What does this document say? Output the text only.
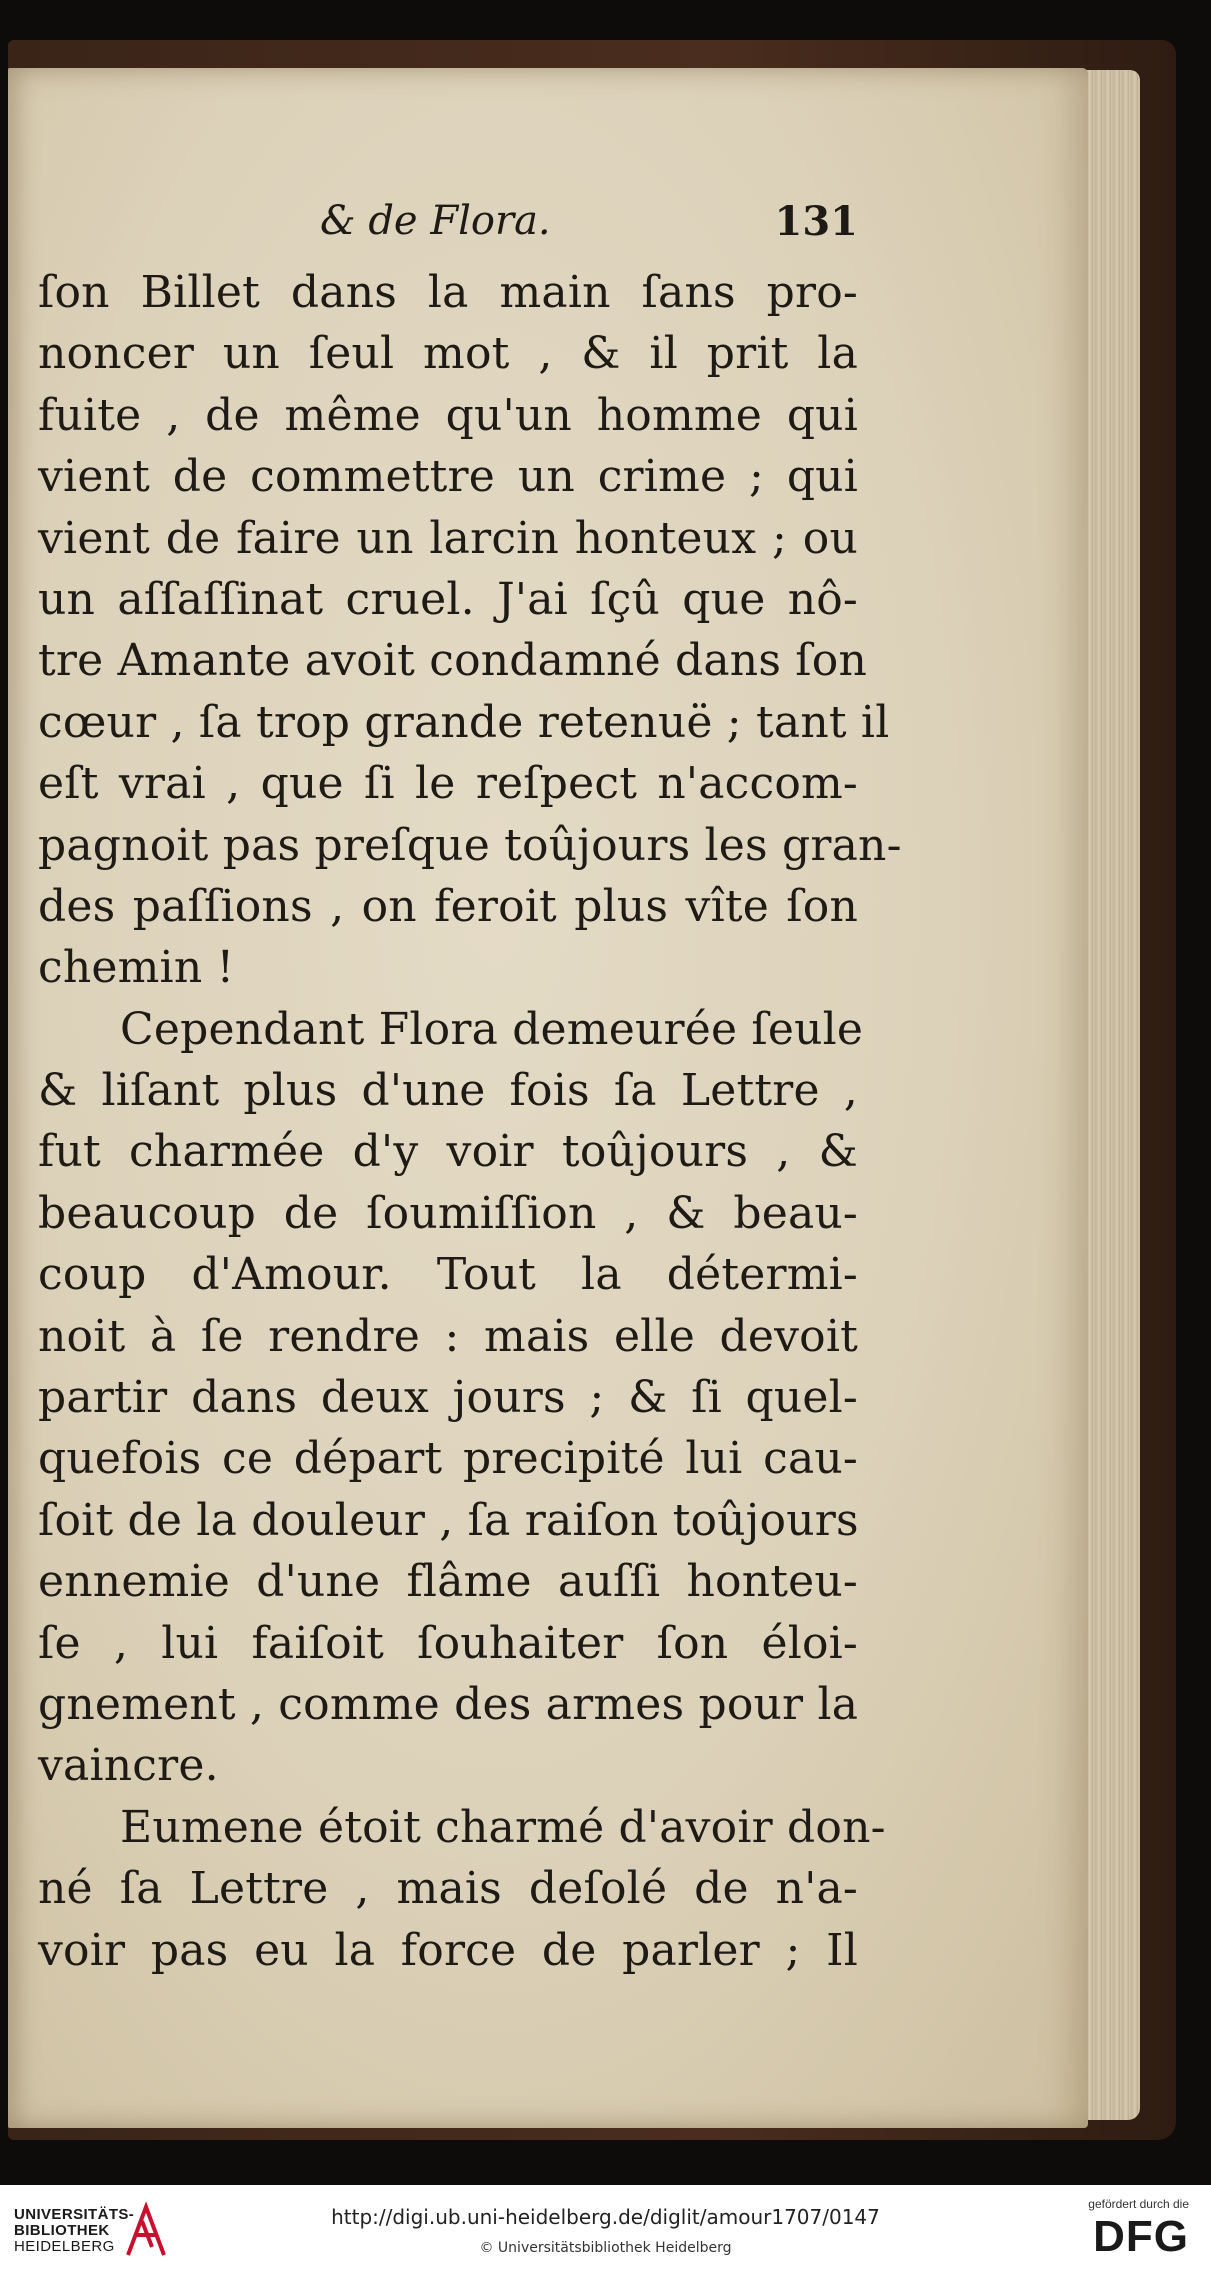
& de Flora.	131
ſon Billet dans la main ſans pro-
noncer un ſeul mot , & il prit la
fuite , de même qu'un homme qui
vient de commettre un crime ; qui
vient de faire un larcin honteux ; ou
un aſſaſſinat cruel. J'ai ſçû que nô-
tre Amante avoit condamné dans ſon
cœur , ſa trop grande retenuë ; tant il
eſt vrai , que ſi le reſpect n'accom-
pagnoit pas preſque toûjours les gran-
des paſſions , on feroit plus vîte ſon
chemin !
Cependant Flora demeurée ſeule
& liſant plus d'une fois ſa Lettre ,
fut charmée d'y voir toûjours , &
beaucoup de ſoumiſſion , & beau-
coup d'Amour. Tout la détermi-
noit à ſe rendre : mais elle devoit
partir dans deux jours ; & ſi quel-
quefois ce départ precipité lui cau-
ſoit de la douleur , ſa raiſon toûjours
ennemie d'une flâme auſſi honteu-
ſe , lui faiſoit ſouhaiter ſon éloi-
gnement , comme des armes pour la
vaincre.
Eumene étoit charmé d'avoir don-
né ſa Lettre , mais deſolé de n'a-
voir pas eu la force de parler ; Il
UNIVERSITÄTS-
BIBLIOTHEK
HEIDELBERG
http://digi.ub.uni-heidelberg.de/diglit/amour1707/0147
© Universitätsbibliothek Heidelberg
gefördert durch die
DFG
